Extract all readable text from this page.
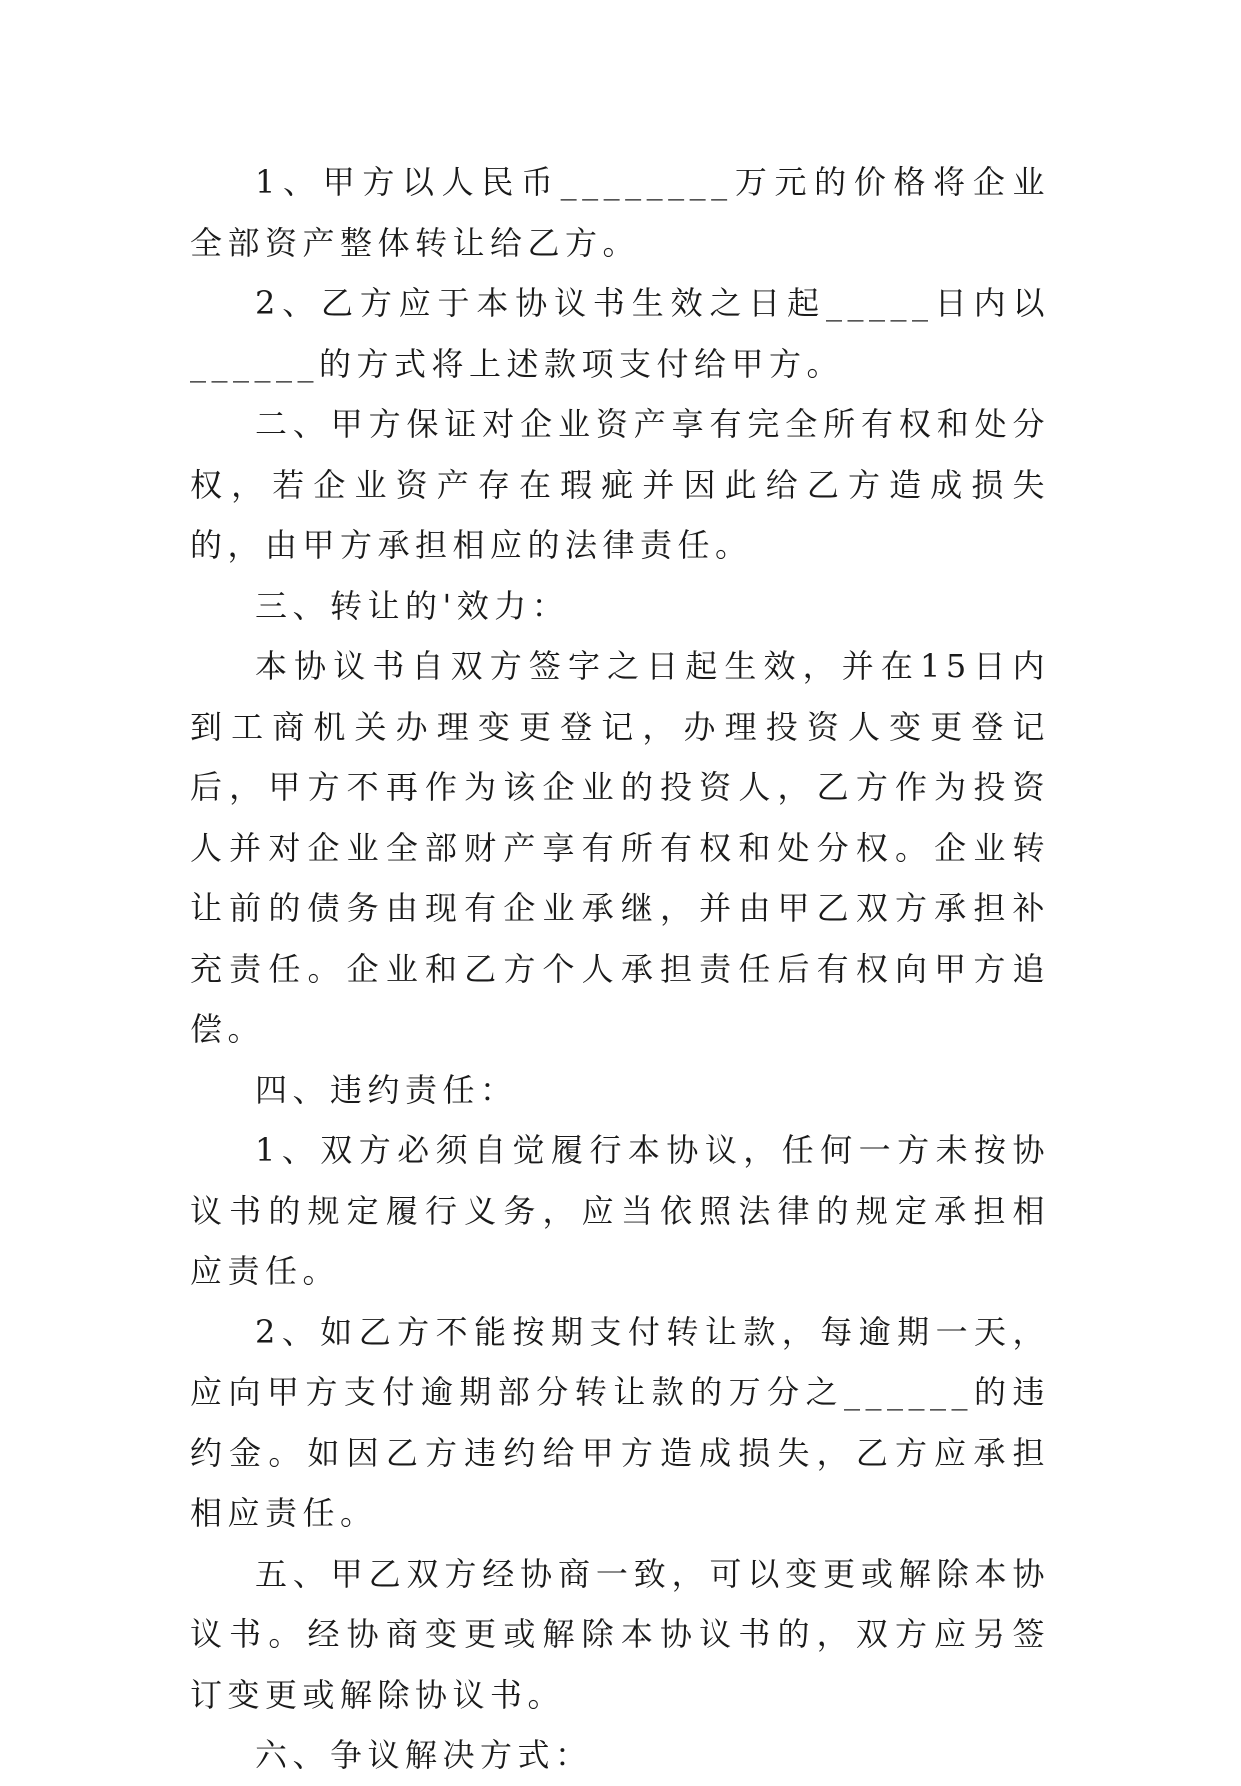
1、甲方以人民币________万元的价格将企业全部资产整体转让给乙方。

2、乙方应于本协议书生效之日起_____日内以______的方式将上述款项支付给甲方。

二、甲方保证对企业资产享有完全所有权和处分权，若企业资产存在瑕疵并因此给乙方造成损失的，由甲方承担相应的法律责任。

三、转让的'效力：

本协议书自双方签字之日起生效，并在15日内到工商机关办理变更登记，办理投资人变更登记后，甲方不再作为该企业的投资人，乙方作为投资人并对企业全部财产享有所有权和处分权。企业转让前的债务由现有企业承继，并由甲乙双方承担补充责任。企业和乙方个人承担责任后有权向甲方追偿。

四、违约责任：

1、双方必须自觉履行本协议，任何一方未按协议书的规定履行义务，应当依照法律的规定承担相应责任。

2、如乙方不能按期支付转让款，每逾期一天，应向甲方支付逾期部分转让款的万分之______的违约金。如因乙方违约给甲方造成损失，乙方应承担相应责任。

五、甲乙双方经协商一致，可以变更或解除本协议书。经协商变更或解除本协议书的，双方应另签订变更或解除协议书。

六、争议解决方式：
